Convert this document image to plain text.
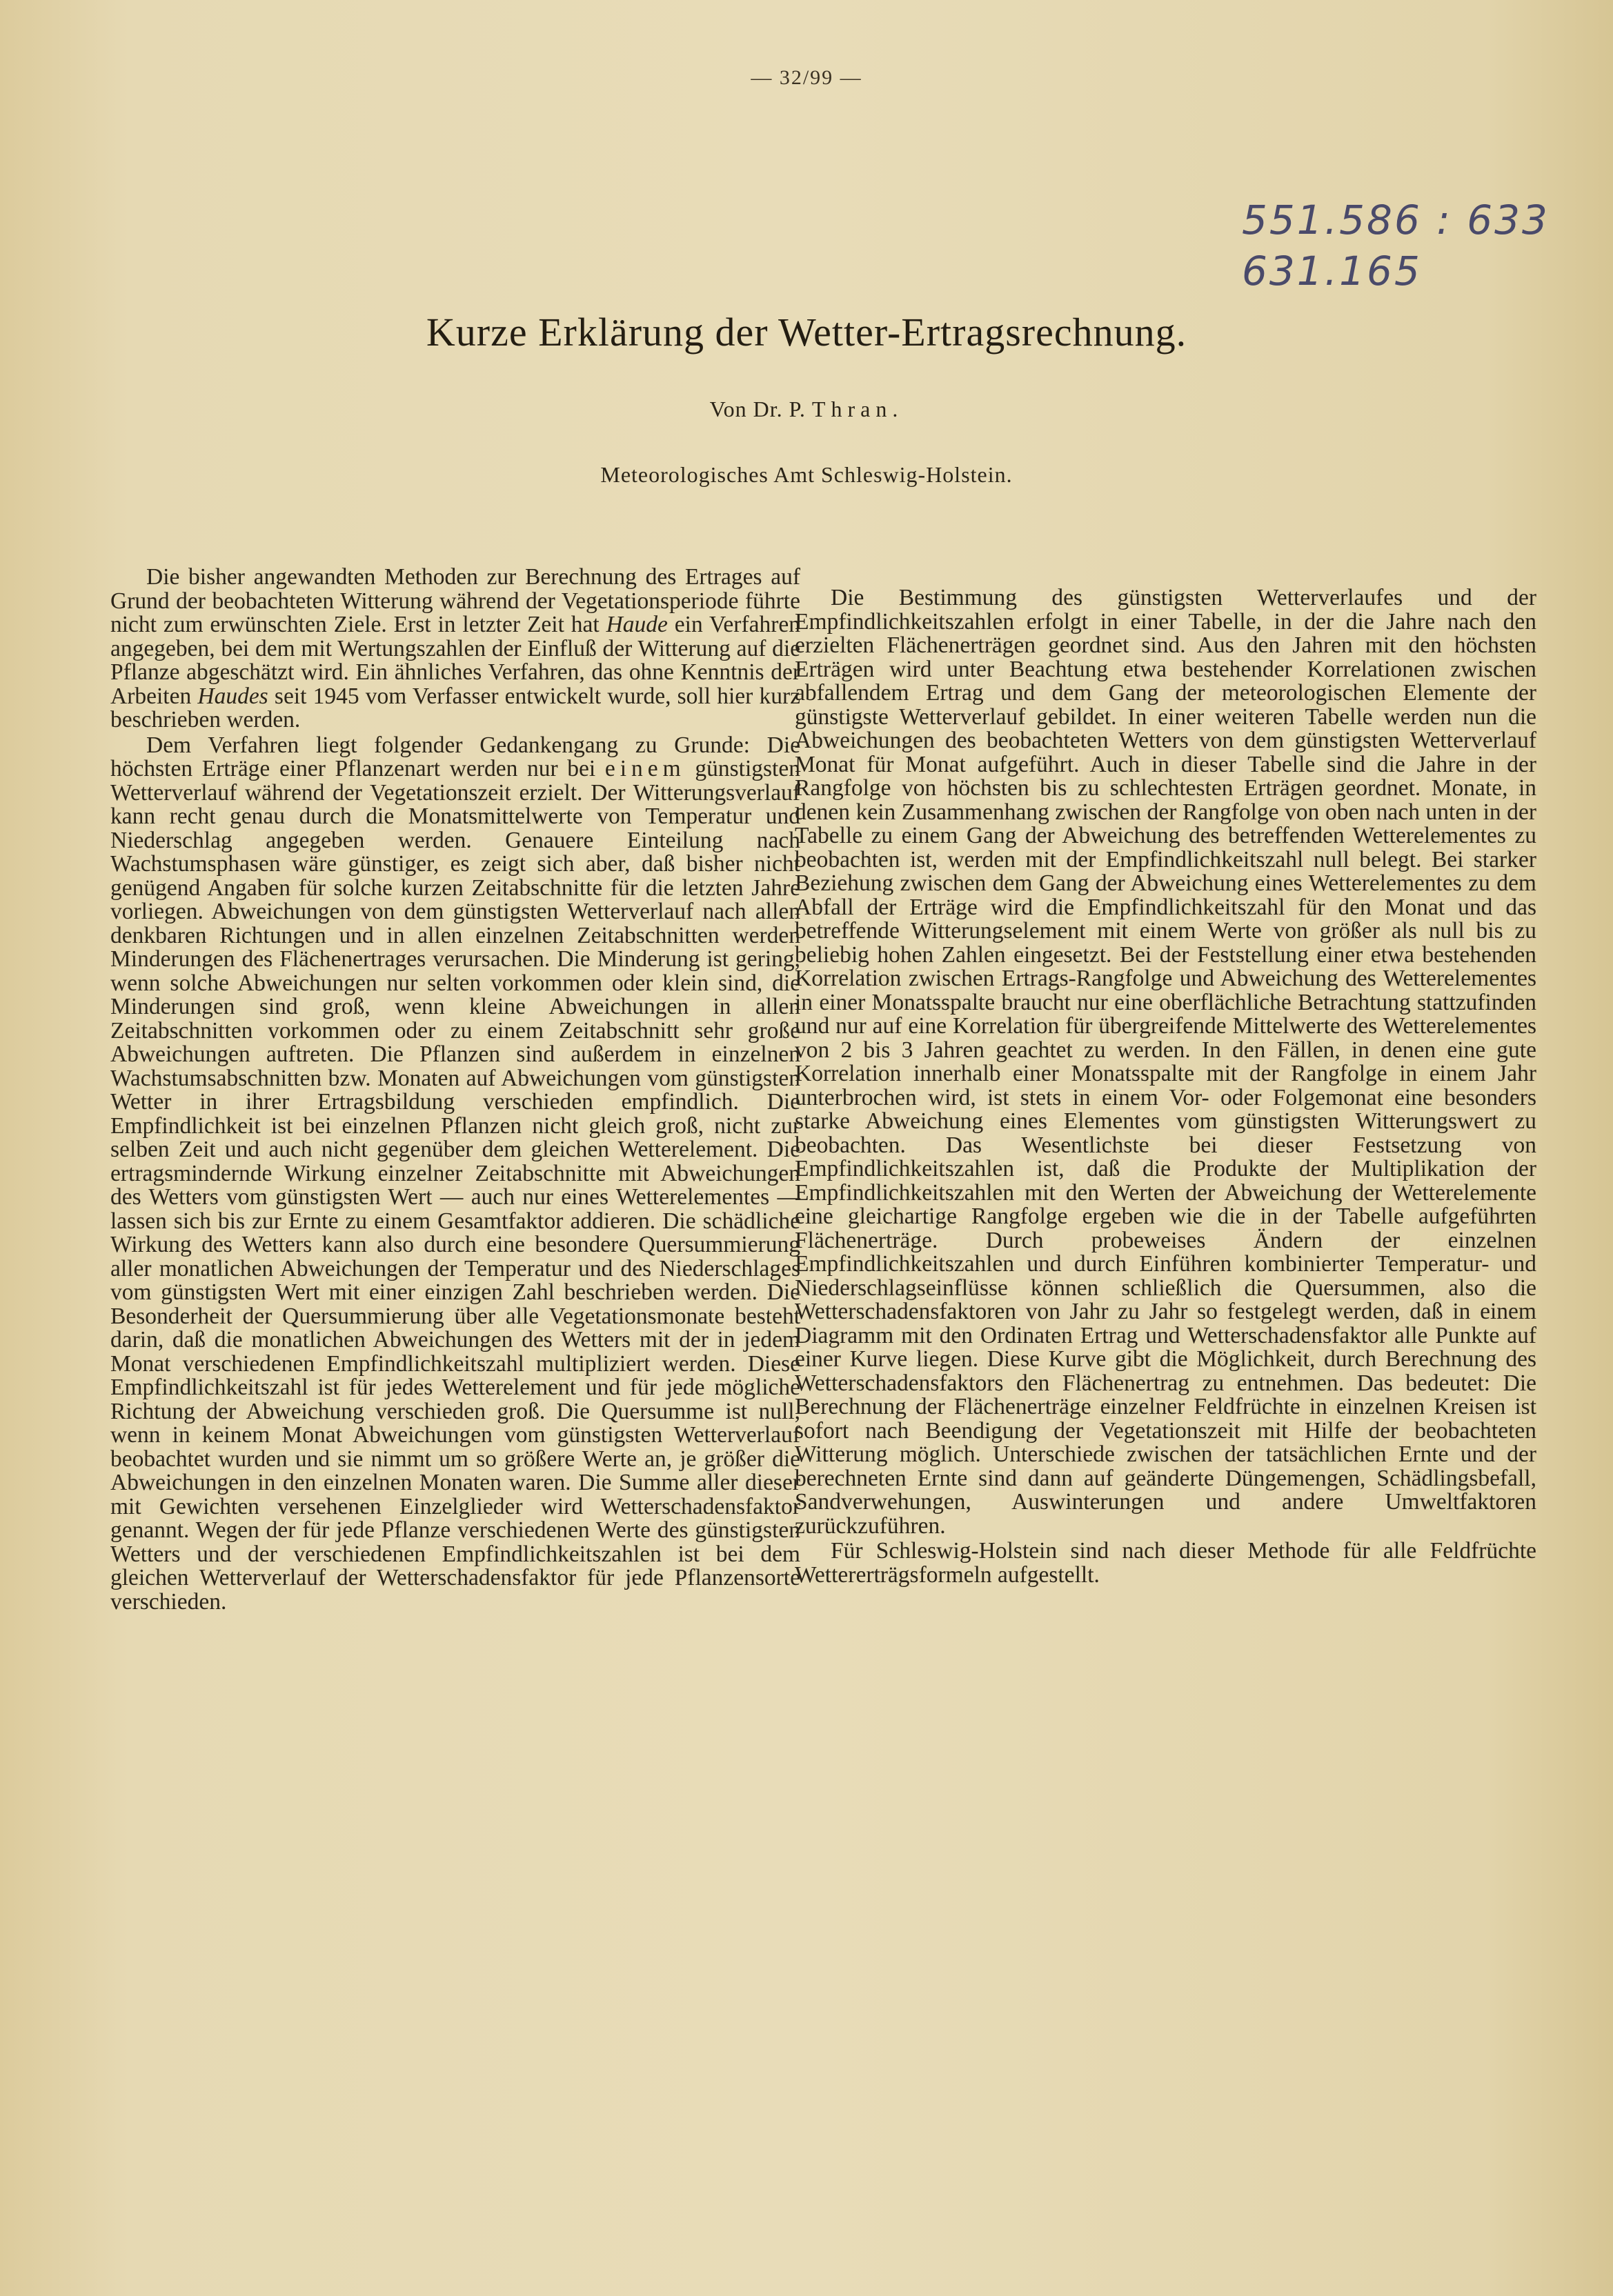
— 32/99 —
551.586 : 633
631.165
Kurze Erklärung der Wetter-Ertragsrechnung.
Von Dr. P. Thran.
Meteorologisches Amt Schleswig-Holstein.

Die bisher angewandten Methoden zur Berechnung des Ertrages auf Grund der beobachteten Witterung während der Vegetationsperiode führte nicht zum erwünschten Ziele. Erst in letzter Zeit hat Haude ein Verfahren angegeben, bei dem mit Wertungszahlen der Einfluß der Witterung auf die Pflanze abgeschätzt wird. Ein ähnliches Verfahren, das ohne Kenntnis der Arbeiten Haudes seit 1945 vom Verfasser entwickelt wurde, soll hier kurz beschrieben werden.

Dem Verfahren liegt folgender Gedankengang zu Grunde: Die höchsten Erträge einer Pflanzenart werden nur bei einem günstigsten Wetterverlauf während der Vegetationszeit erzielt. Der Witterungsverlauf kann recht genau durch die Monatsmittelwerte von Temperatur und Niederschlag angegeben werden. Genauere Einteilung nach Wachstumsphasen wäre günstiger, es zeigt sich aber, daß bisher nicht genügend Angaben für solche kurzen Zeitabschnitte für die letzten Jahre vorliegen. Abweichungen von dem günstigsten Wetterverlauf nach allen denkbaren Richtungen und in allen einzelnen Zeitabschnitten werden Minderungen des Flächenertrages verursachen. Die Minderung ist gering, wenn solche Abweichungen nur selten vorkommen oder klein sind, die Minderungen sind groß, wenn kleine Abweichungen in allen Zeitabschnitten vorkommen oder zu einem Zeitabschnitt sehr große Abweichungen auftreten. Die Pflanzen sind außerdem in einzelnen Wachstumsabschnitten bzw. Monaten auf Abweichungen vom günstigsten Wetter in ihrer Ertragsbildung verschieden empfindlich. Die Empfindlichkeit ist bei einzelnen Pflanzen nicht gleich groß, nicht zur selben Zeit und auch nicht gegenüber dem gleichen Wetterelement. Die ertragsmindernde Wirkung einzelner Zeitabschnitte mit Abweichungen des Wetters vom günstigsten Wert — auch nur eines Wetterelementes — lassen sich bis zur Ernte zu einem Gesamtfaktor addieren. Die schädliche Wirkung des Wetters kann also durch eine besondere Quersummierung aller monatlichen Abweichungen der Temperatur und des Niederschlages vom günstigsten Wert mit einer einzigen Zahl beschrieben werden. Die Besonderheit der Quersummierung über alle Vegetationsmonate besteht darin, daß die monatlichen Abweichungen des Wetters mit der in jedem Monat verschiedenen Empfindlichkeitszahl multipliziert werden. Diese Empfindlichkeitszahl ist für jedes Wetterelement und für jede mögliche Richtung der Abweichung verschieden groß. Die Quersumme ist null, wenn in keinem Monat Abweichungen vom günstigsten Wetterverlauf beobachtet wurden und sie nimmt um so größere Werte an, je größer die Abweichungen in den einzelnen Monaten waren. Die Summe aller dieser mit Gewichten versehenen Einzelglieder wird Wetterschadensfaktor genannt. Wegen der für jede Pflanze verschiedenen Werte des günstigsten Wetters und der verschiedenen Empfindlichkeitszahlen ist bei dem gleichen Wetterverlauf der Wetterschadensfaktor für jede Pflanzensorte verschieden.

Die Bestimmung des günstigsten Wetterverlaufes und der Empfindlichkeitszahlen erfolgt in einer Tabelle, in der die Jahre nach den erzielten Flächenerträgen geordnet sind. Aus den Jahren mit den höchsten Erträgen wird unter Beachtung etwa bestehender Korrelationen zwischen abfallendem Ertrag und dem Gang der meteorologischen Elemente der günstigste Wetterverlauf gebildet. In einer weiteren Tabelle werden nun die Abweichungen des beobachteten Wetters von dem günstigsten Wetterverlauf Monat für Monat aufgeführt. Auch in dieser Tabelle sind die Jahre in der Rangfolge von höchsten bis zu schlechtesten Erträgen geordnet. Monate, in denen kein Zusammenhang zwischen der Rangfolge von oben nach unten in der Tabelle zu einem Gang der Abweichung des betreffenden Wetterelementes zu beobachten ist, werden mit der Empfindlichkeitszahl null belegt. Bei starker Beziehung zwischen dem Gang der Abweichung eines Wetterelementes zu dem Abfall der Erträge wird die Empfindlichkeitszahl für den Monat und das betreffende Witterungselement mit einem Werte von größer als null bis zu beliebig hohen Zahlen eingesetzt. Bei der Feststellung einer etwa bestehenden Korrelation zwischen Ertrags-Rangfolge und Abweichung des Wetterelementes in einer Monatsspalte braucht nur eine oberflächliche Betrachtung stattzufinden und nur auf eine Korrelation für übergreifende Mittelwerte des Wetterelementes von 2 bis 3 Jahren geachtet zu werden. In den Fällen, in denen eine gute Korrelation innerhalb einer Monatsspalte mit der Rangfolge in einem Jahr unterbrochen wird, ist stets in einem Vor- oder Folgemonat eine besonders starke Abweichung eines Elementes vom günstigsten Witterungswert zu beobachten. Das Wesentlichste bei dieser Festsetzung von Empfindlichkeitszahlen ist, daß die Produkte der Multiplikation der Empfindlichkeitszahlen mit den Werten der Abweichung der Wetterelemente eine gleichartige Rangfolge ergeben wie die in der Tabelle aufgeführten Flächenerträge. Durch probeweises Ändern der einzelnen Empfindlichkeitszahlen und durch Einführen kombinierter Temperatur- und Niederschlagseinflüsse können schließlich die Quersummen, also die Wetterschadensfaktoren von Jahr zu Jahr so festgelegt werden, daß in einem Diagramm mit den Ordinaten Ertrag und Wetterschadensfaktor alle Punkte auf einer Kurve liegen. Diese Kurve gibt die Möglichkeit, durch Berechnung des Wetterschadensfaktors den Flächenertrag zu entnehmen. Das bedeutet: Die Berechnung der Flächenerträge einzelner Feldfrüchte in einzelnen Kreisen ist sofort nach Beendigung der Vegetationszeit mit Hilfe der beobachteten Witterung möglich. Unterschiede zwischen der tatsächlichen Ernte und der berechneten Ernte sind dann auf geänderte Düngemengen, Schädlingsbefall, Sandverwehungen, Auswinterungen und andere Umweltfaktoren zurückzuführen.

Für Schleswig-Holstein sind nach dieser Methode für alle Feldfrüchte Wettererträgsformeln aufgestellt.
